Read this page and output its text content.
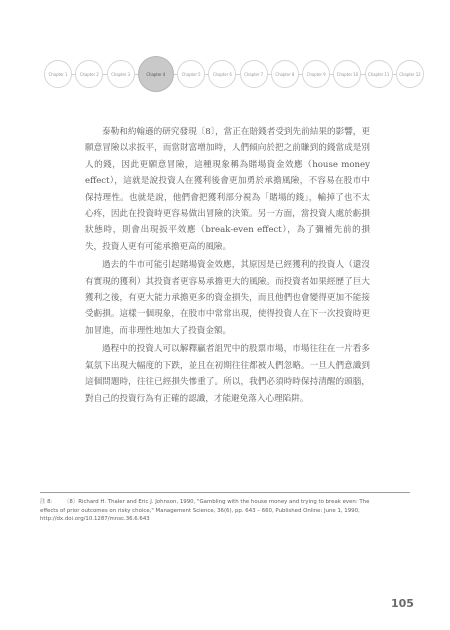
Chapter 1	Chapter 2	Chapter 3	Chapter 4	Chapter 5	Chapter 6	Chapter 7	Chapter 8	Chapter 9	Chapter 10	Chapter 11	Chapter 12

泰勒和約翰遜的研究發現〔8〕，當正在賠錢者受到先前結果的影響，更願意冒險以求扳平，而當財富增加時，人們傾向於把之前賺到的錢當成是別人的錢，因此更願意冒險，這種現象稱為賭場資金效應（house money effect），這就是說投資人在獲利後會更加勇於承擔風險，不容易在股市中保持理性。也就是說，他們會把獲利部分視為「賭場的錢」，輸掉了也不太心疼，因此在投資時更容易做出冒險的決策。另一方面，當投資人處於虧損狀態時，則會出現扳平效應（break-even effect），為了彌補先前的損失，投資人更有可能承擔更高的風險。

過去的牛市可能引起賭場資金效應，其原因是已經獲利的投資人（還沒有實現的獲利）其投資者更容易承擔更大的風險。而投資者如果經歷了巨大獲利之後，有更大能力承擔更多的資金損失，而且他們也會變得更加不能接受虧損。這樣一個現象，在股市中常常出現，使得投資人在下一次投資時更加冒進，而非理性地加大了投資金額。

過程中的投資人可以解釋贏者詛咒中的股票市場，市場往往在一片看多氣氛下出現大幅度的下跌，並且在初期往往都被人們忽略。一旦人們意識到這個問題時，往往已經損失慘重了。所以，我們必須時時保持清醒的頭腦，對自己的投資行為有正確的認識，才能避免落入心理陷阱。

注 8： 〔8〕Richard H. Thaler and Eric J. Johnson, 1990, "Gambling with the house money and trying to break even: The effects of prior outcomes on risky choice," Management Science, 36(6), pp. 643 – 660, Published Online: June 1, 1990, http://dx.doi.org/10.1287/mnsc.36.6.643
105
